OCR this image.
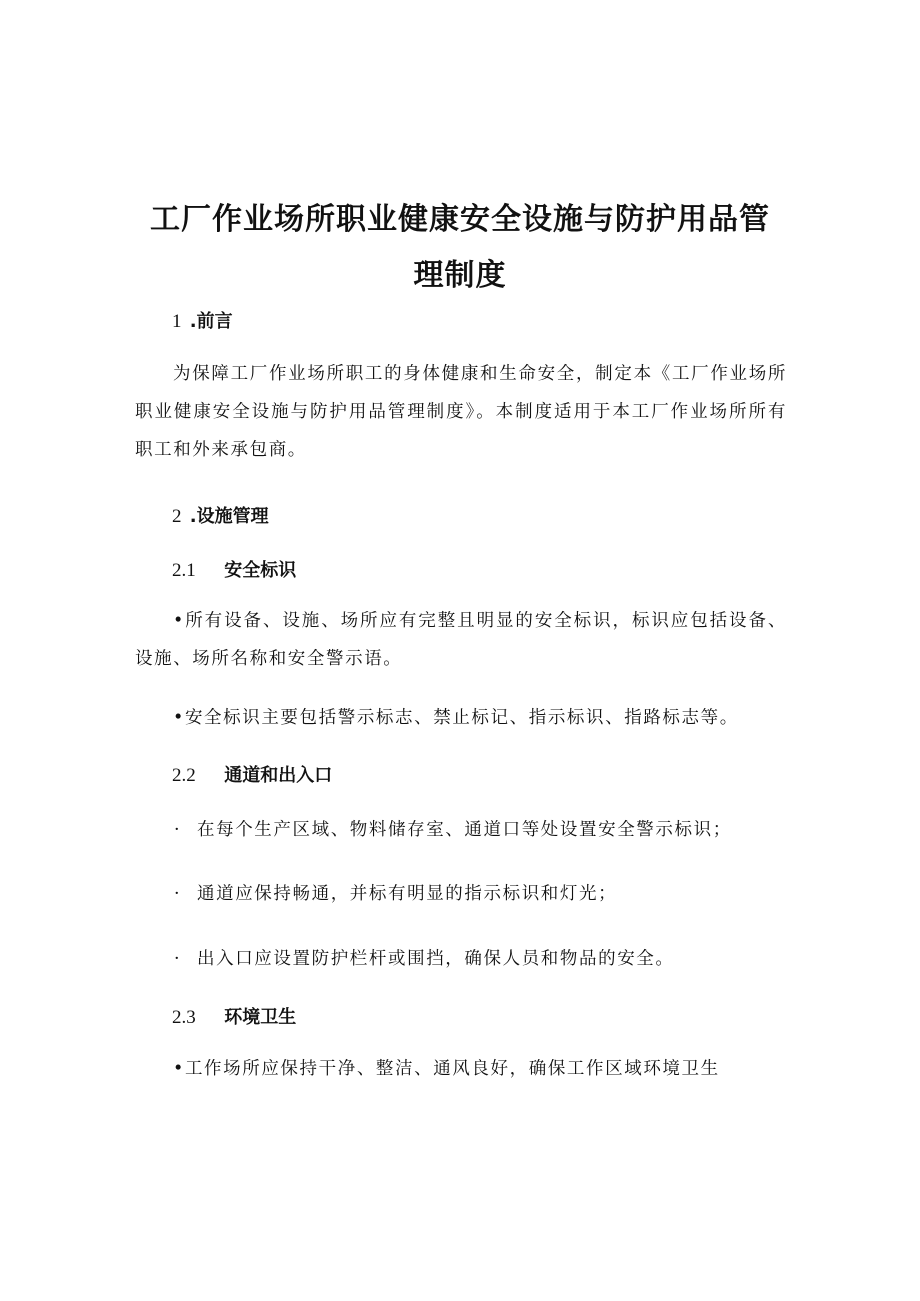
工厂作业场所职业健康安全设施与防护用品管理制度
1 .前言

为保障工厂作业场所职工的身体健康和生命安全，制定本《工厂作业场所职业健康安全设施与防护用品管理制度》。本制度适用于本工厂作业场所所有职工和外来承包商。

2 .设施管理
2.1 安全标识

•所有设备、设施、场所应有完整且明显的安全标识，标识应包括设备、设施、场所名称和安全警示语。

•安全标识主要包括警示标志、禁止标记、指示标识、指路标志等。

2.2 通道和出入口

· 在每个生产区域、物料储存室、通道口等处设置安全警示标识；

· 通道应保持畅通，并标有明显的指示标识和灯光；

· 出入口应设置防护栏杆或围挡，确保人员和物品的安全。

2.3 环境卫生

•工作场所应保持干净、整洁、通风良好，确保工作区域环境卫生
